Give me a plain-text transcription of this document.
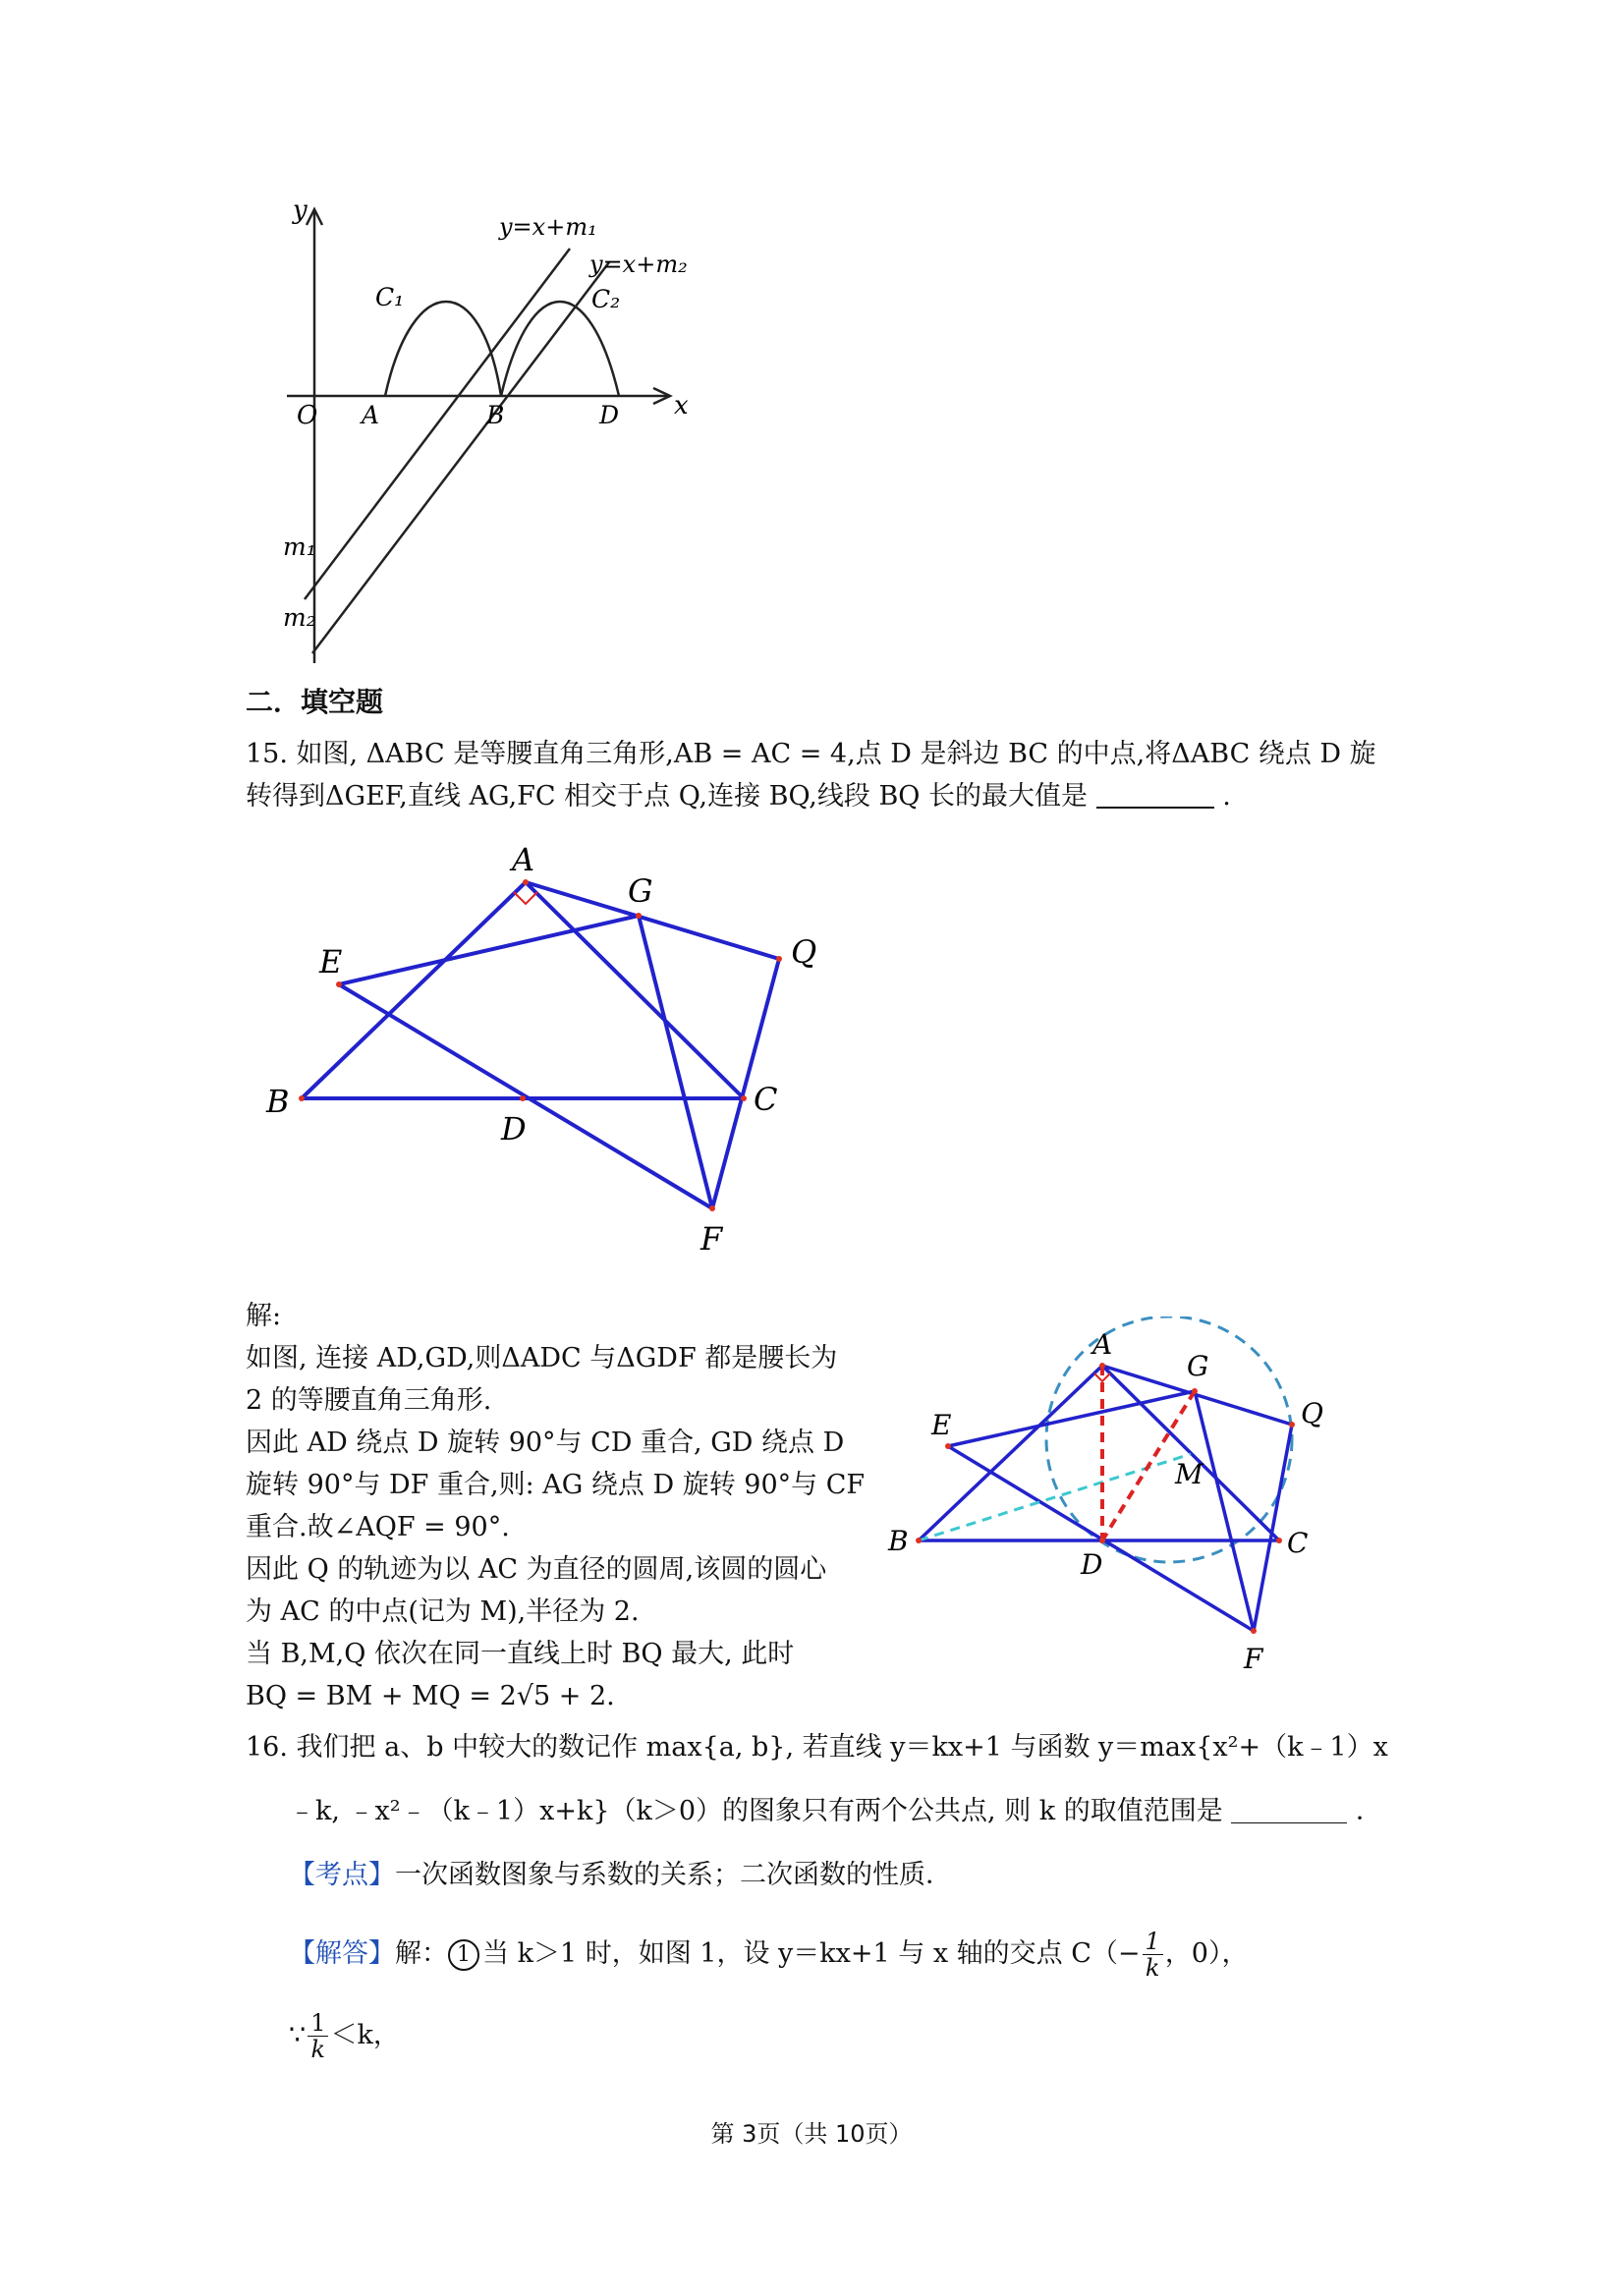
y
x
O
y=x+m₁
y=x+m₂
C₁	C₂
A	B	D
m₁
m₂
二．填空题
15. 如图, ΔABC 是等腰直角三角形,AB = AC = 4,点 D 是斜边 BC 的中点,将ΔABC 绕点 D 旋
转得到ΔGEF,直线 AG,FC 相交于点 Q,连接 BQ,线段 BQ 长的最大值是	.
A
G
Q
E
B
D
C
F
解:
如图, 连接 AD,GD,则ΔADC 与ΔGDF 都是腰长为
2 的等腰直角三角形.
因此 AD 绕点 D 旋转 90°与 CD 重合, GD 绕点 D
旋转 90°与 DF 重合,则: AG 绕点 D 旋转 90°与 CF
重合.故∠AQF = 90°.
因此 Q 的轨迹为以 AC 为直径的圆周,该圆的圆心
为 AC 的中点(记为 M),半径为 2.
当 B,M,Q 依次在同一直线上时 BQ 最大, 此时
BQ = BM + MQ = 2√5 + 2.
A
G
Q
E
M
B
D
C
F
16. 我们把 a、b 中较大的数记作 max{a, b}, 若直线 y＝kx+1 与函数 y＝max{x²+（k﹣1）x
﹣k, ﹣x²﹣（k﹣1）x+k}（k＞0）的图象只有两个公共点, 则 k 的取值范围是	．
【考点】一次函数图象与系数的关系；二次函数的性质．
【解答】解： 1 当 k＞1 时，如图 1，设 y＝kx+1 与 x 轴的交点 $C(- \frac{1}{k}$ ，0），
∵ $\frac{1}{k} <k$，
第 3页（共 10页）
